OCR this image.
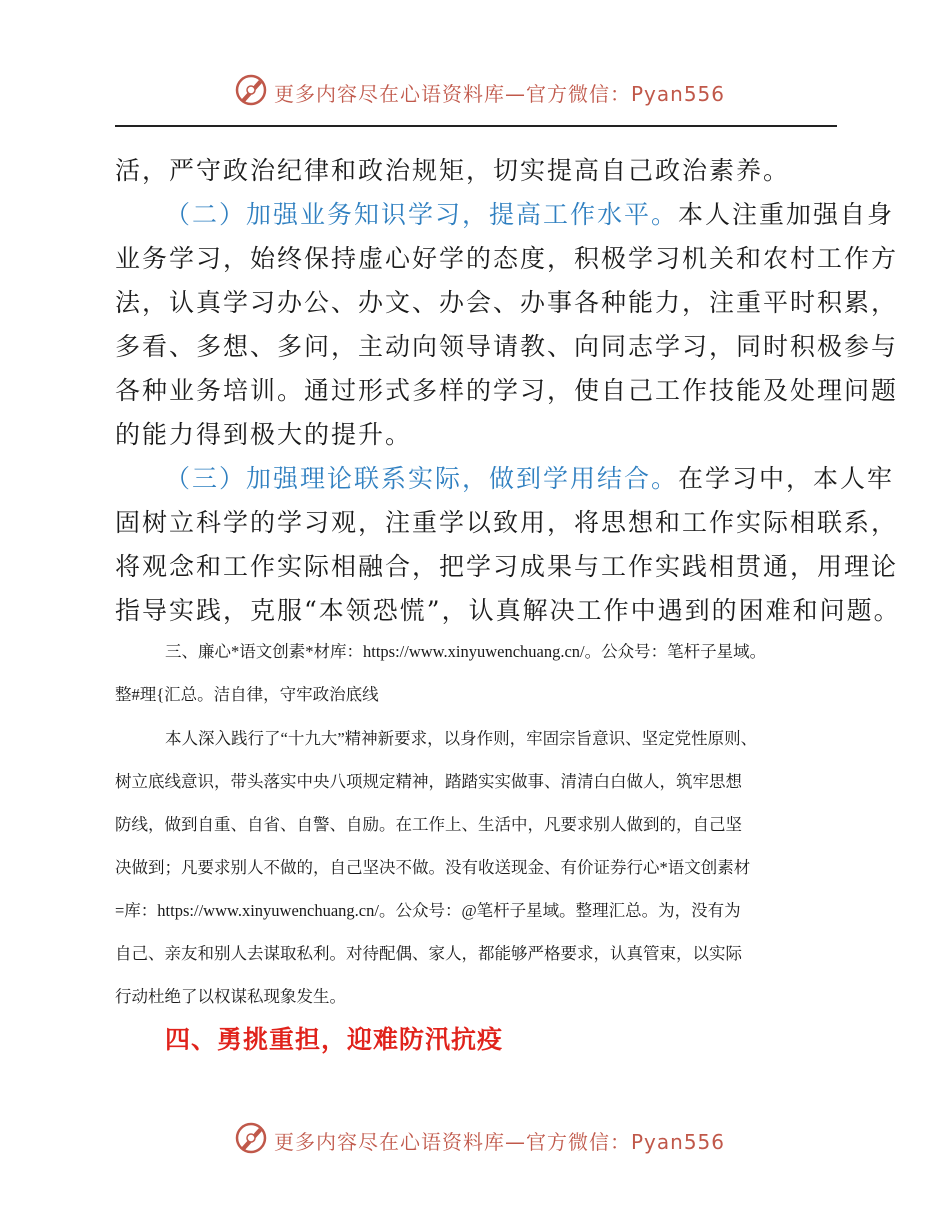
更多内容尽在心语资料库—官方微信：Pyan556
活，严守政治纪律和政治规矩，切实提高自己政治素养。
（二）加强业务知识学习，提高工作水平。本人注重加强自身
业务学习，始终保持虚心好学的态度，积极学习机关和农村工作方
法，认真学习办公、办文、办会、办事各种能力，注重平时积累，
多看、多想、多问，主动向领导请教、向同志学习，同时积极参与
各种业务培训。通过形式多样的学习，使自己工作技能及处理问题
的能力得到极大的提升。
（三）加强理论联系实际，做到学用结合。在学习中，本人牢
固树立科学的学习观，注重学以致用，将思想和工作实际相联系，
将观念和工作实际相融合，把学习成果与工作实践相贯通，用理论
指导实践，克服“本领恐慌”，认真解决工作中遇到的困难和问题。
三、廉心*语文创素*材库：https://www.xinyuwenchuang.cn/。公众号：笔杆子星域。
整#理{汇总。洁自律，守牢政治底线
本人深入践行了“十九大”精神新要求，以身作则，牢固宗旨意识、坚定党性原则、
树立底线意识，带头落实中央八项规定精神，踏踏实实做事、清清白白做人，筑牢思想
防线，做到自重、自省、自警、自励。在工作上、生活中，凡要求别人做到的，自己坚
决做到；凡要求别人不做的，自己坚决不做。没有收送现金、有价证券行心*语文创素材
=库：https://www.xinyuwenchuang.cn/。公众号：@笔杆子星域。整理汇总。为，没有为
自己、亲友和别人去谋取私利。对待配偶、家人，都能够严格要求，认真管束，以实际
行动杜绝了以权谋私现象发生。
四、勇挑重担，迎难防汛抗疫
更多内容尽在心语资料库—官方微信：Pyan556
